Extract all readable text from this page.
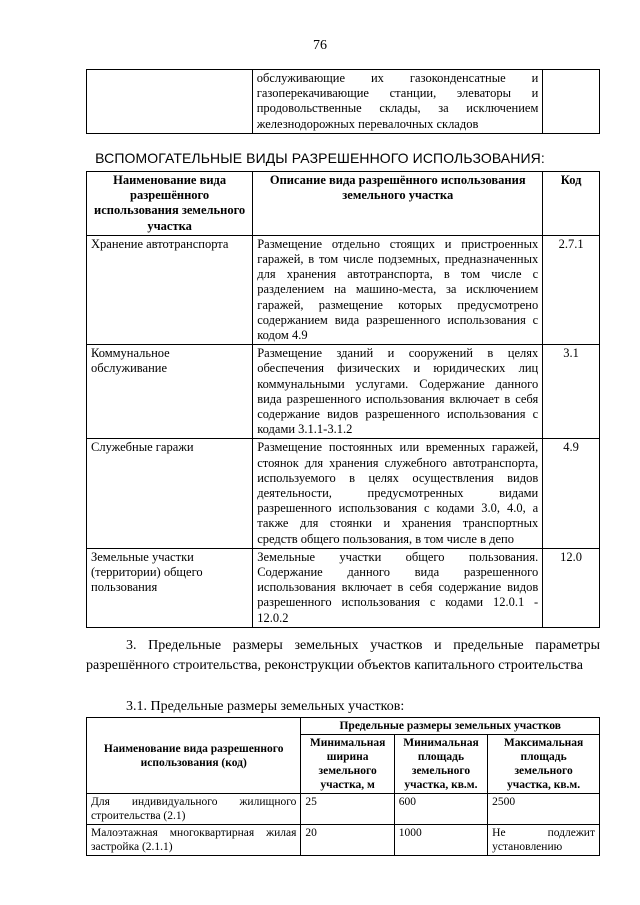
76
	обслуживающие их газоконденсатные и газоперекачивающие станции, элеваторы и продовольственные склады, за исключением железнодорожных перевалочных складов	
ВСПОМОГАТЕЛЬНЫЕ ВИДЫ РАЗРЕШЕННОГО ИСПОЛЬЗОВАНИЯ:
Наименование вида разрешённого использования земельного участка	Описание вида разрешённого использования земельного участка	Код
Хранение автотранспорта	Размещение отдельно стоящих и пристроенных гаражей, в том числе подземных, предназначенных для хранения автотранспорта, в том числе с разделением на машино-места, за исключением гаражей, размещение которых предусмотрено содержанием вида разрешенного использования с кодом 4.9	2.7.1
Коммунальное обслуживание	Размещение зданий и сооружений в целях обеспечения физических и юридических лиц коммунальными услугами. Содержание данного вида разрешенного использования включает в себя содержание видов разрешенного использования с кодами 3.1.1-3.1.2	3.1
Служебные гаражи	Размещение постоянных или временных гаражей, стоянок для хранения служебного автотранспорта, используемого в целях осуществления видов деятельности, предусмотренных видами разрешенного использования с кодами 3.0, 4.0, а также для стоянки и хранения транспортных средств общего пользования, в том числе в депо	4.9
Земельные участки (территории) общего пользования	Земельные участки общего пользования. Содержание данного вида разрешенного использования включает в себя содержание видов разрешенного использования с кодами 12.0.1 - 12.0.2	12.0
3. Предельные размеры земельных участков и предельные параметры разрешённого строительства, реконструкции объектов капитального строительства
3.1. Предельные размеры земельных участков:
Наименование вида разрешенного использования (код)	Предельные размеры земельных участков		
	Минимальная ширина земельного участка, м	Минимальная площадь земельного участка, кв.м.	Максимальная площадь земельного участка, кв.м.
Для индивидуального жилищного строительства (2.1)	25	600	2500
Малоэтажная многоквартирная жилая застройка (2.1.1)	20	1000	Не подлежит установлению
